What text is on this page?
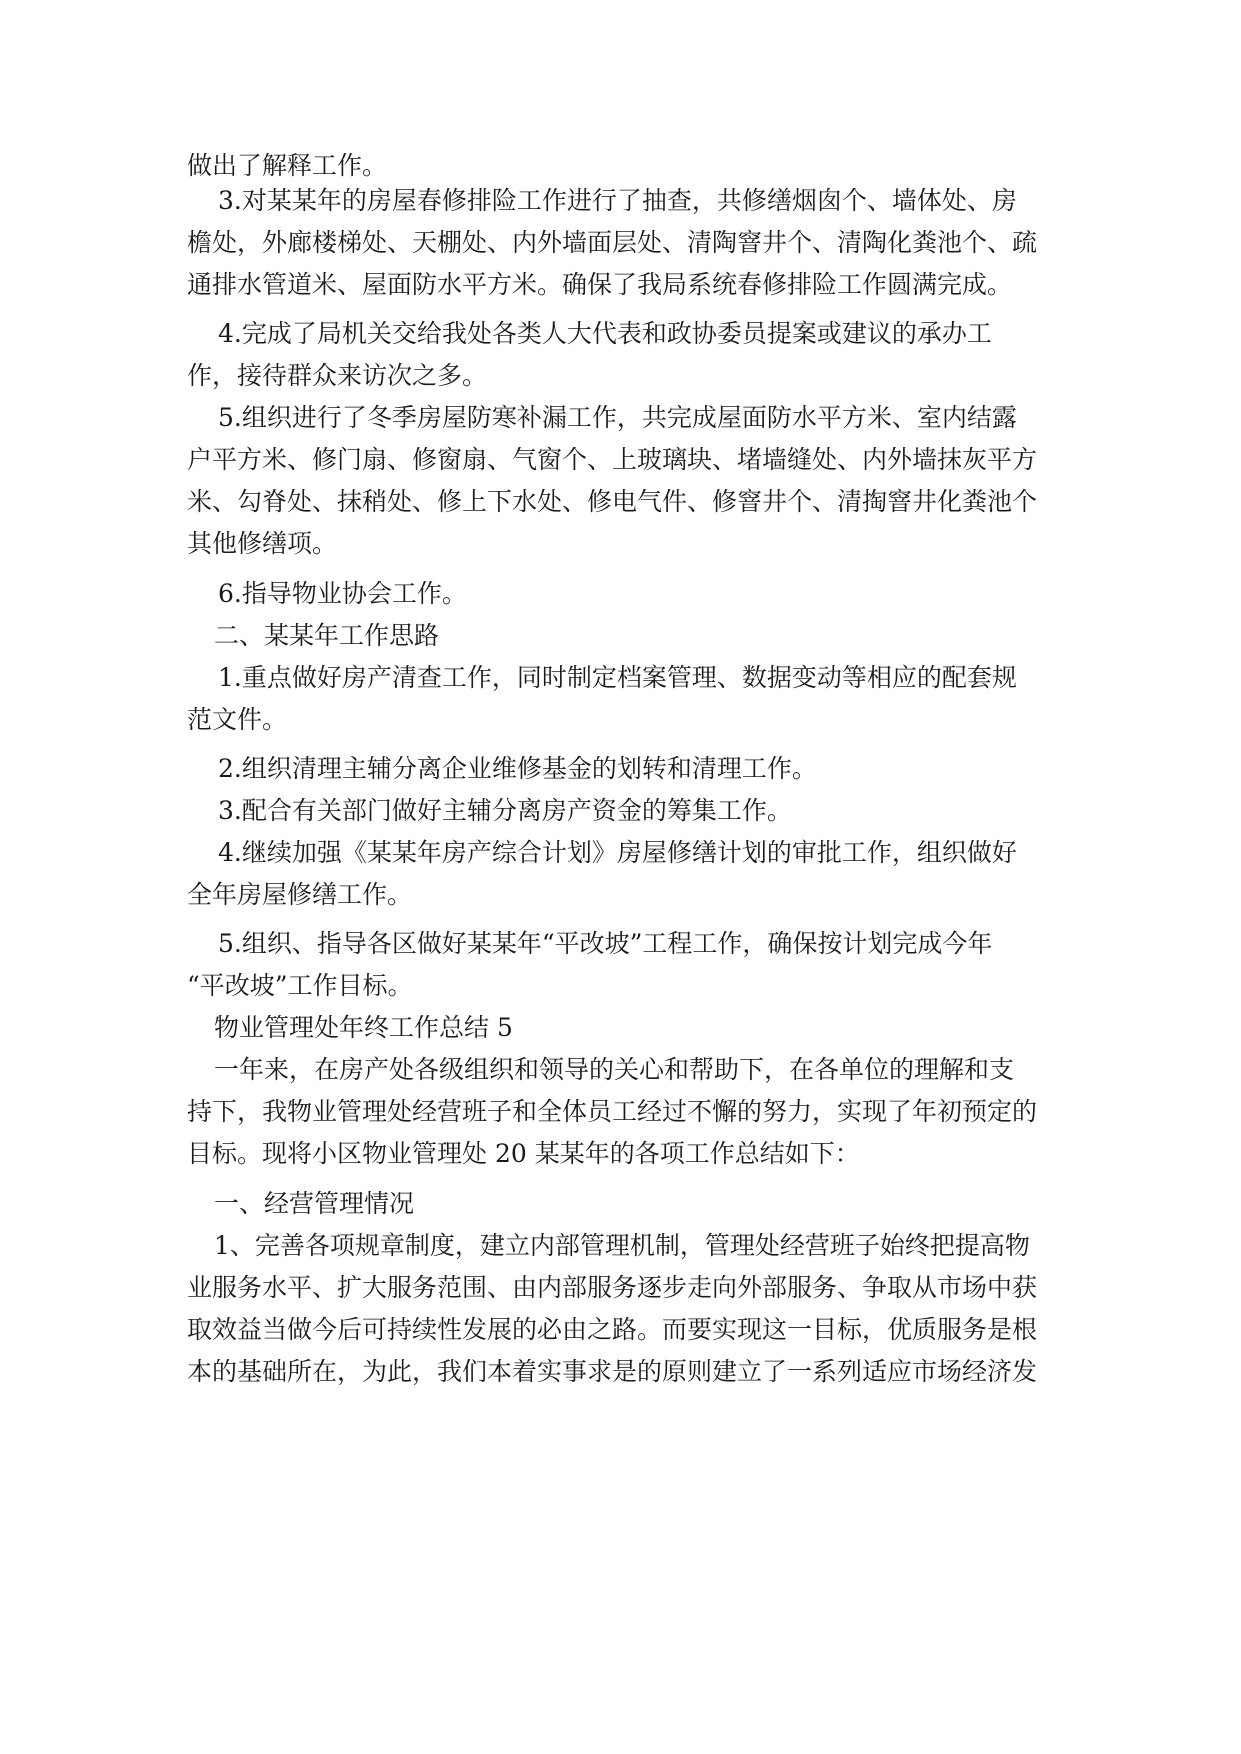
做出了解释工作。
3.对某某年的房屋春修排险工作进行了抽查，共修缮烟囱个、墙体处、房
檐处，外廊楼梯处、天棚处、内外墙面层处、清陶窨井个、清陶化粪池个、疏
通排水管道米、屋面防水平方米。确保了我局系统春修排险工作圆满完成。
4.完成了局机关交给我处各类人大代表和政协委员提案或建议的承办工
作，接待群众来访次之多。
5.组织进行了冬季房屋防寒补漏工作，共完成屋面防水平方米、室内结露
户平方米、修门扇、修窗扇、气窗个、上玻璃块、堵墙缝处、内外墙抹灰平方
米、勾脊处、抹稍处、修上下水处、修电气件、修窨井个、清掏窨井化粪池个
其他修缮项。
6.指导物业协会工作。
二、某某年工作思路
1.重点做好房产清查工作，同时制定档案管理、数据变动等相应的配套规
范文件。
2.组织清理主辅分离企业维修基金的划转和清理工作。
3.配合有关部门做好主辅分离房产资金的筹集工作。
4.继续加强《某某年房产综合计划》房屋修缮计划的审批工作，组织做好
全年房屋修缮工作。
5.组织、指导各区做好某某年“平改坡”工程工作，确保按计划完成今年
“平改坡”工作目标。
物业管理处年终工作总结 5
一年来，在房产处各级组织和领导的关心和帮助下，在各单位的理解和支
持下，我物业管理处经营班子和全体员工经过不懈的努力，实现了年初预定的
目标。现将小区物业管理处 20 某某年的各项工作总结如下：
一、经营管理情况
1、完善各项规章制度，建立内部管理机制，管理处经营班子始终把提高物
业服务水平、扩大服务范围、由内部服务逐步走向外部服务、争取从市场中获
取效益当做今后可持续性发展的必由之路。而要实现这一目标，优质服务是根
本的基础所在，为此，我们本着实事求是的原则建立了一系列适应市场经济发
